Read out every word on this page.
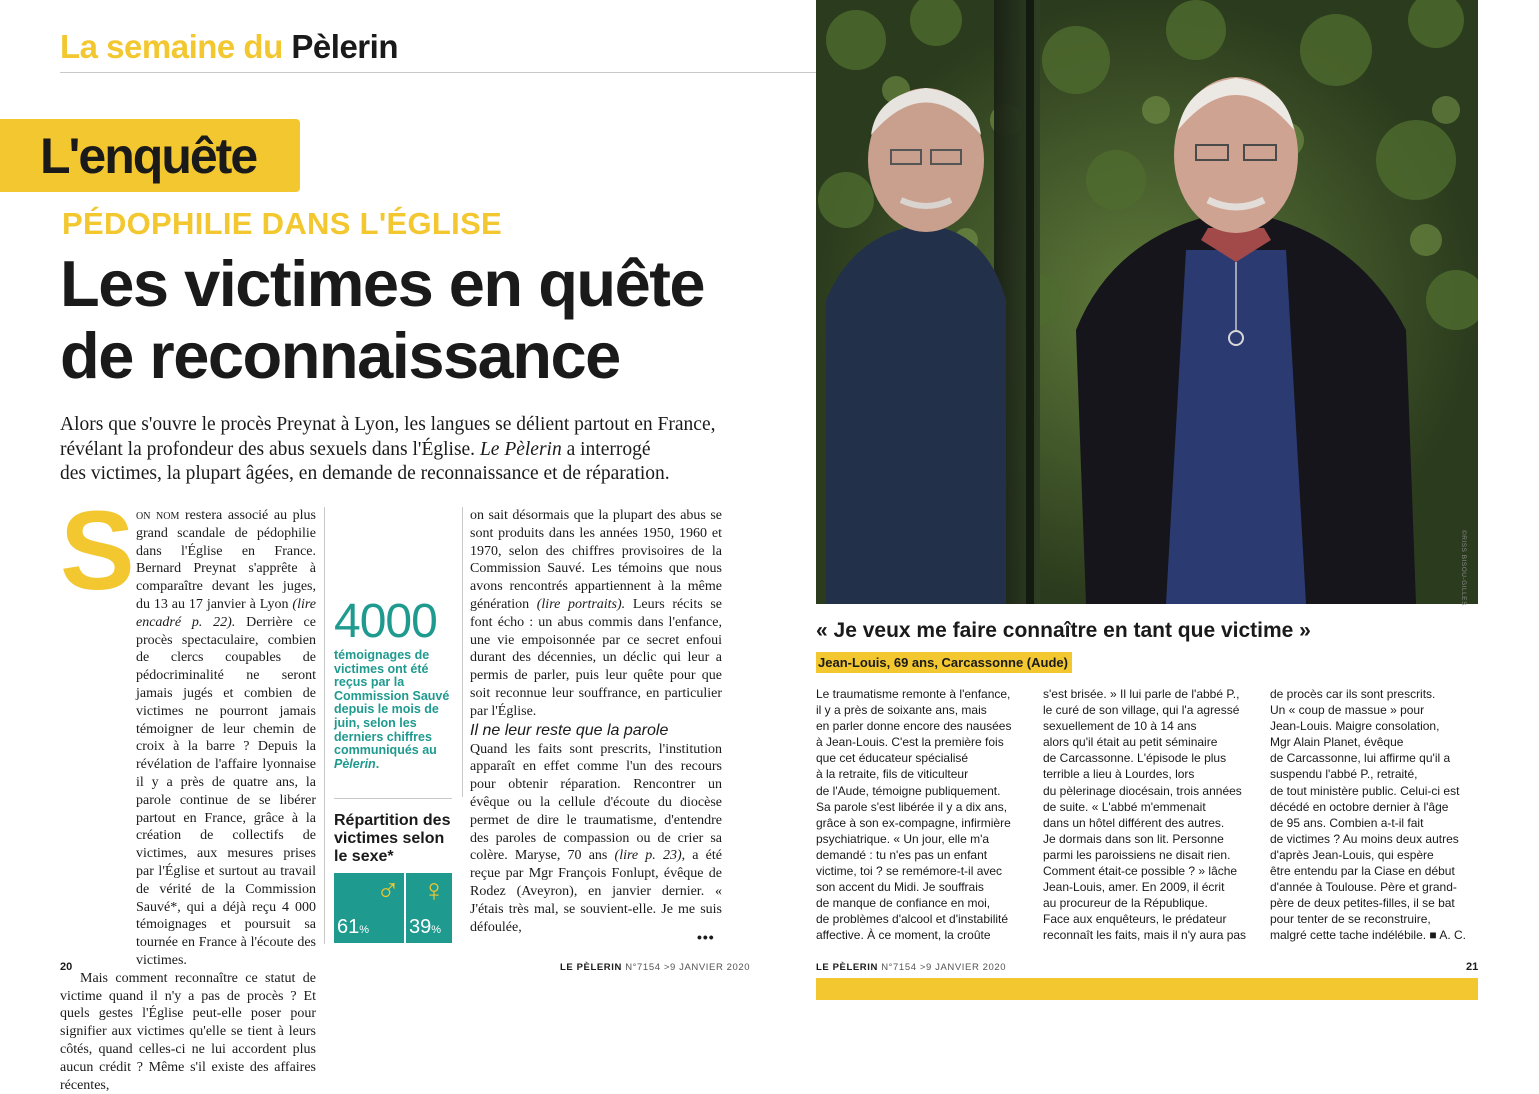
La semaine du Pèlerin
L'enquête
PÉDOPHILIE DANS L'ÉGLISE
Les victimes en quête
de reconnaissance
Alors que s'ouvre le procès Preynat à Lyon, les langues se délient partout en France,
révélant la profondeur des abus sexuels dans l'Église. Le Pèlerin a interrogé
des victimes, la plupart âgées, en demande de reconnaissance et de réparation.
S on nom restera associé au plus grand scandale de pédophilie dans l'Église en France. Bernard Preynat s'apprête à comparaître devant les juges, du 13 au 17 janvier à Lyon (lire encadré p. 22). Derrière ce procès spectaculaire, combien de clercs coupables de pédocriminalité ne seront jamais jugés et combien de victimes ne pourront jamais témoigner de leur chemin de croix à la barre ? Depuis la révélation de l'affaire lyonnaise il y a près de quatre ans, la parole continue de se libérer partout en France, grâce à la création de collectifs de victimes, aux mesures prises par l'Église et surtout au travail de vérité de la Commission Sauvé*, qui a déjà reçu 4 000 témoignages et poursuit sa tournée en France à l'écoute des victimes.

Mais comment reconnaître ce statut de victime quand il n'y a pas de procès ? Et quels gestes l'Église peut-elle poser pour signifier aux victimes qu'elle se tient à leurs côtés, quand celles-ci ne lui accordent plus aucun crédit ? Même s'il existe des affaires récentes,

4000
témoignages de victimes ont été reçus par la Commission Sauvé depuis le mois de juin, selon les derniers chiffres communiqués au Pèlerin.
Répartition des victimes selon le sexe*
♂
61%
♀
39%

on sait désormais que la plupart des abus se sont produits dans les années 1950, 1960 et 1970, selon des chiffres provisoires de la Commission Sauvé. Les témoins que nous avons rencontrés appartiennent à la même génération (lire portraits). Leurs récits se font écho : un abus commis dans l'enfance, une vie empoisonnée par ce secret enfoui durant des décennies, un déclic qui leur a permis de parler, puis leur quête pour que soit reconnue leur souffrance, en particulier par l'Église.

Il ne leur reste que la parole

Quand les faits sont prescrits, l'institution apparaît en effet comme l'un des recours pour obtenir réparation. Rencontrer un évêque ou la cellule d'écoute du diocèse permet de dire le traumatisme, d'entendre des paroles de compassion ou de crier sa colère. Maryse, 70 ans (lire p. 23), a été reçue par Mgr François Fonlupt, évêque de Rodez (Aveyron), en janvier dernier. « J'étais très mal, se souvient-elle. Je me suis défoulée,

•••
20	LE PÈLERIN N°7154 >9 JANVIER 2020
©RISS BISOU-GILLES
« Je veux me faire connaître en tant que victime »
Jean-Louis, 69 ans, Carcassonne (Aude)
Le traumatisme remonte à l'enfance,
il y a près de soixante ans, mais
en parler donne encore des nausées
à Jean-Louis. C'est la première fois
que cet éducateur spécialisé
à la retraite, fils de viticulteur
de l'Aude, témoigne publiquement.
Sa parole s'est libérée il y a dix ans,
grâce à son ex-compagne, infirmière
psychiatrique. « Un jour, elle m'a
demandé : tu n'es pas un enfant
victime, toi ? se remémore-t-il avec
son accent du Midi. Je souffrais
de manque de confiance en moi,
de problèmes d'alcool et d'instabilité
affective. À ce moment, la croûte
s'est brisée. » Il lui parle de l'abbé P.,
le curé de son village, qui l'a agressé
sexuellement de 10 à 14 ans
alors qu'il était au petit séminaire
de Carcassonne. L'épisode le plus
terrible a lieu à Lourdes, lors
du pèlerinage diocésain, trois années
de suite. « L'abbé m'emmenait
dans un hôtel différent des autres.
Je dormais dans son lit. Personne
parmi les paroissiens ne disait rien.
Comment était-ce possible ? » lâche
Jean-Louis, amer. En 2009, il écrit
au procureur de la République.
Face aux enquêteurs, le prédateur
reconnaît les faits, mais il n'y aura pas
de procès car ils sont prescrits.
Un « coup de massue » pour
Jean-Louis. Maigre consolation,
Mgr Alain Planet, évêque
de Carcassonne, lui affirme qu'il a
suspendu l'abbé P., retraité,
de tout ministère public. Celui-ci est
décédé en octobre dernier à l'âge
de 95 ans. Combien a-t-il fait
de victimes ? Au moins deux autres
d'après Jean-Louis, qui espère
être entendu par la Ciase en début
d'année à Toulouse. Père et grand-
père de deux petites-filles, il se bat
pour tenter de se reconstruire,
malgré cette tache indélébile. ■ A. C.
LE PÈLERIN N°7154 >9 JANVIER 2020	21
